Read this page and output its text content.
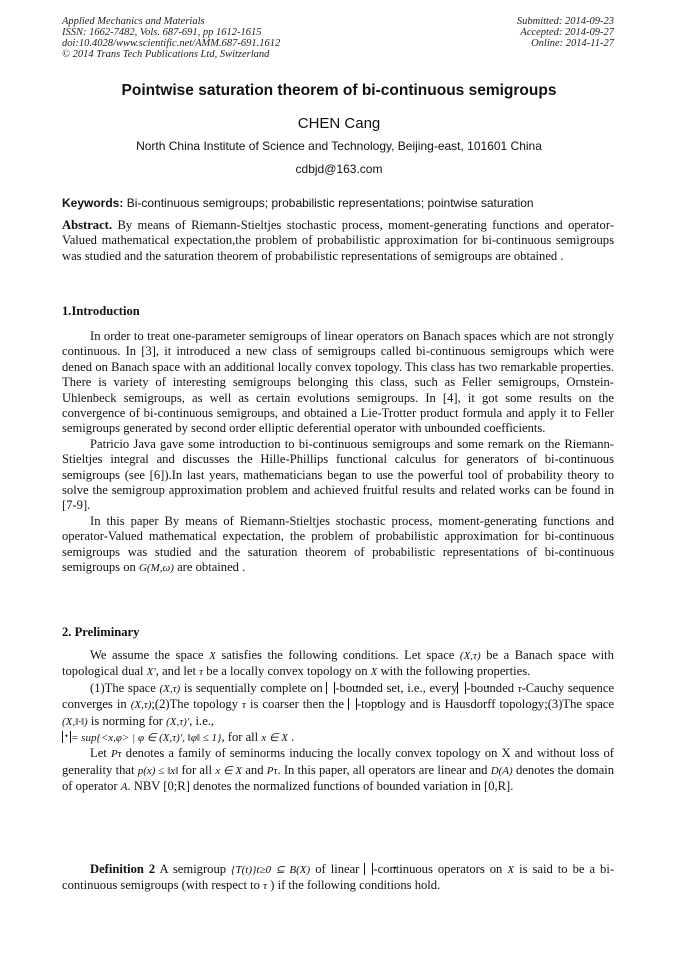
Applied Mechanics and Materials
ISSN: 1662-7482, Vols. 687-691, pp 1612-1615
doi:10.4028/www.scientific.net/AMM.687-691.1612
© 2014 Trans Tech Publications Ltd, Switzerland
Submitted: 2014-09-23
Accepted: 2014-09-27
Online: 2014-11-27
Pointwise saturation theorem of bi-continuous semigroups
CHEN Cang
North China Institute of Science and Technology, Beijing-east, 101601 China
cdbjd@163.com
Keywords: Bi-continuous semigroups; probabilistic representations; pointwise saturation

Abstract. By means of Riemann-Stieltjes stochastic process, moment-generating functions and operator-Valued mathematical expectation,the problem of probabilistic approximation for bi-continuous semigroups was studied and the saturation theorem of probabilistic representations of semigroups are obtained .

1.Introduction

In order to treat one-parameter semigroups of linear operators on Banach spaces which are not strongly continuous. In [3], it introduced a new class of semigroups called bi-continuous semigroups which were dened on Banach space with an additional locally convex topology. This class has two remarkable properties. There is variety of interesting semigroups belonging this class, such as Feller semigroups, Ornstein-Uhlenbeck semigroups, as well as certain evolutions semigroups. In [4], it got some results on the convergence of bi-continuous semigroups, and obtained a Lie-Trotter product formula and apply it to Feller semigroups generated by second order elliptic deferential operator with unbounded coefficients.

Patricio Java gave some introduction to bi-continuous semigroups and some remark on the Riemann-Stieltjes integral and discusses the Hille-Phillips functional calculus for generators of bi-continuous semigroups (see [6]).In last years, mathematicians began to use the powerful tool of probability theory to solve the semigroup approximation problem and achieved fruitful results and related works can be found in [7-9].

In this paper By means of Riemann-Stieltjes stochastic process, moment-generating functions and operator-Valued mathematical expectation, the problem of probabilistic approximation for bi-continuous semigroups was studied and the saturation theorem of probabilistic representations of bi-continuous semigroups on G(M,ω) are obtained .

2. Preliminary

We assume the space X satisfies the following conditions. Let space (X,τ) be a Banach space with topological dual X′, and let τ be a locally convex topology on X with the following properties.

(1)The space (X,τ) is sequentially complete on • -bounded set, i.e., every • -bounded τ-Cauchy sequence converges in (X,τ);(2)The topology τ is coarser then the • -topology and is Hausdorff topology;(3)The space (X,‖·‖) is norming for (X,τ)′, i.e.,

•= sup{<x,φ> | φ ∈ (X,τ)′, ‖φ‖ ≤ 1}, for all x ∈ X .

Let Pτ denotes a family of seminorms inducing the locally convex topology on X and without loss of generality that p(x) ≤ ‖x‖ for all x ∈ X and Pτ. In this paper, all operators are linear and D(A) denotes the domain of operator A. NBV [0;R] denotes the normalized functions of bounded variation in [0,R].

Definition 2 A semigroup {T(t)}t≥0 ⊆ B(X) of linear • -continuous operators on X is said to be a bi-continuous semigroups (with respect to τ ) if the following conditions hold.
